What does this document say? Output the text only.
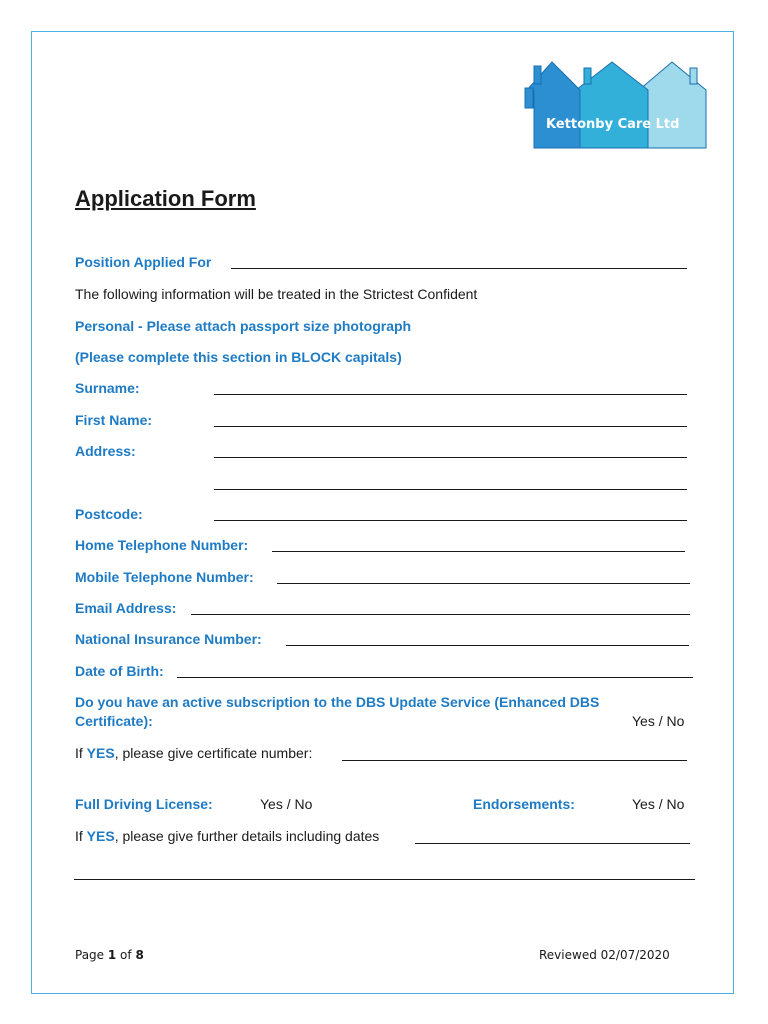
Kettonby Care Ltd
Application Form
Position Applied For
The following information will be treated in the Strictest Confident
Personal - Please attach passport size photograph
(Please complete this section in BLOCK capitals)
Surname:
First Name:
Address:
Postcode:
Home Telephone Number:
Mobile Telephone Number:
Email Address:
National Insurance Number:
Date of Birth:
Do you have an active subscription to the DBS Update Service (Enhanced DBS
Certificate):	Yes / No
If YES, please give certificate number:
Full Driving License:	Yes / No	Endorsements:	Yes / No
If YES, please give further details including dates
Page 1 of 8	Reviewed 02/07/2020
